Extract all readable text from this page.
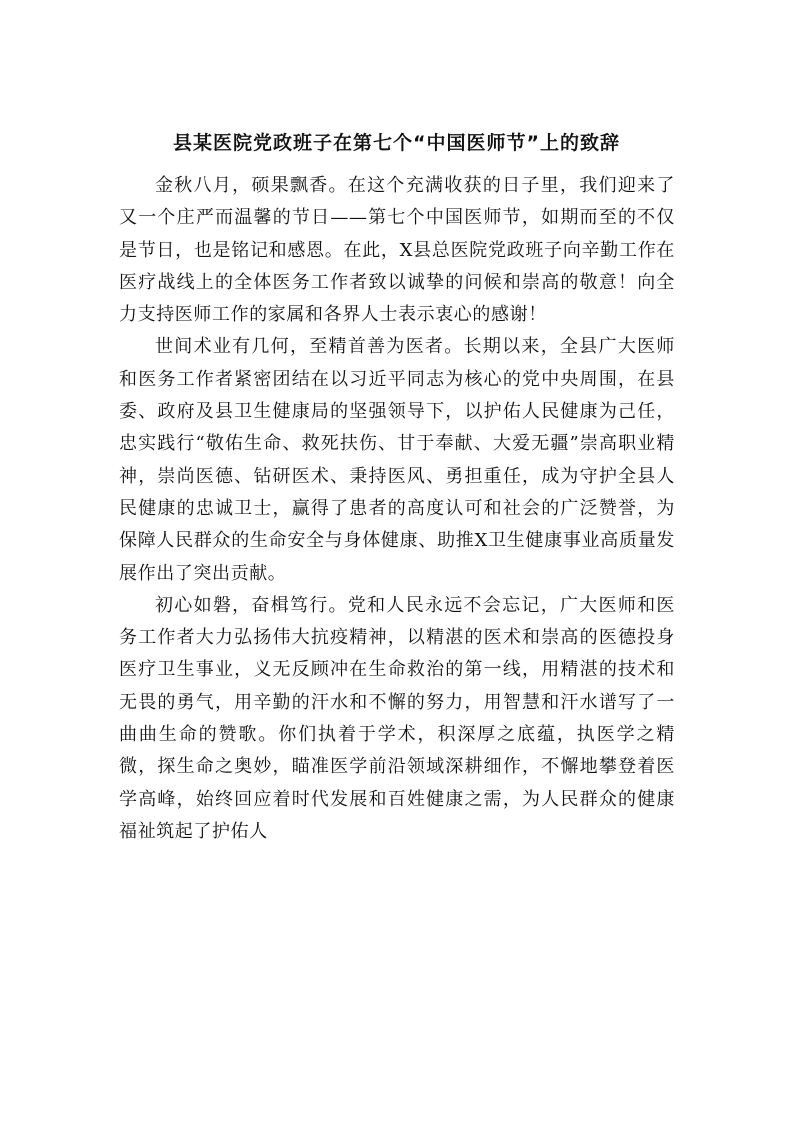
县某医院党政班子在第七个“中国医师节”上的致辞

金秋八月，硕果飘香。在这个充满收获的日子里，我们迎来了又一个庄严而温馨的节日——第七个中国医师节，如期而至的不仅是节日，也是铭记和感恩。在此，X县总医院党政班子向辛勤工作在医疗战线上的全体医务工作者致以诚挚的问候和崇高的敬意！向全力支持医师工作的家属和各界人士表示衷心的感谢！

世间术业有几何，至精首善为医者。长期以来，全县广大医师和医务工作者紧密团结在以习近平同志为核心的党中央周围，在县委、政府及县卫生健康局的坚强领导下，以护佑人民健康为己任，忠实践行“敬佑生命、救死扶伤、甘于奉献、大爱无疆”崇高职业精神，崇尚医德、钻研医术、秉持医风、勇担重任，成为守护全县人民健康的忠诚卫士，赢得了患者的高度认可和社会的广泛赞誉，为保障人民群众的生命安全与身体健康、助推X卫生健康事业高质量发展作出了突出贡献。

初心如磐，奋楫笃行。党和人民永远不会忘记，广大医师和医务工作者大力弘扬伟大抗疫精神，以精湛的医术和崇高的医德投身医疗卫生事业，义无反顾冲在生命救治的第一线，用精湛的技术和无畏的勇气，用辛勤的汗水和不懈的努力，用智慧和汗水谱写了一曲曲生命的赞歌。你们执着于学术，积深厚之底蕴，执医学之精微，探生命之奥妙，瞄准医学前沿领域深耕细作，不懈地攀登着医学高峰，始终回应着时代发展和百姓健康之需，为人民群众的健康福祉筑起了护佑人
